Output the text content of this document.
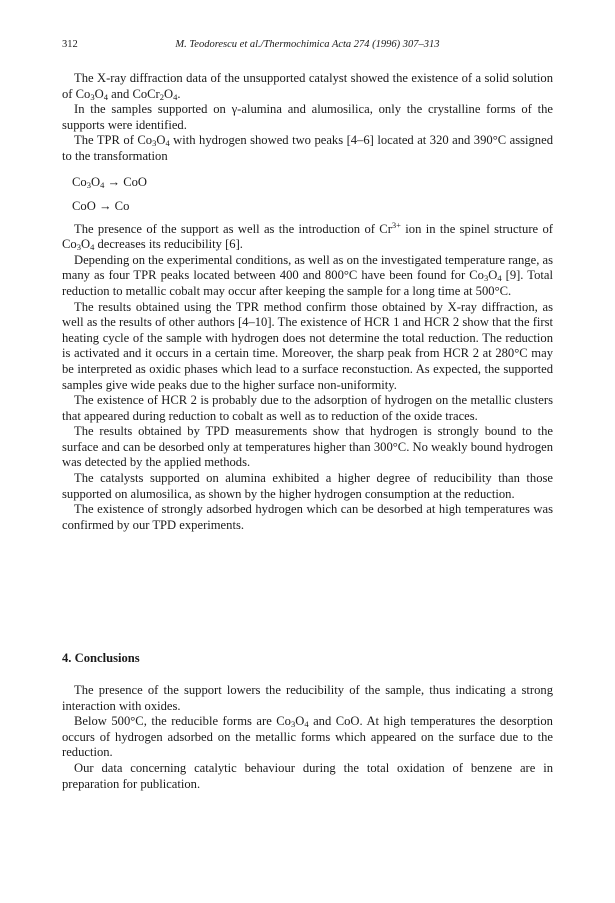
M. Teodorescu et al./Thermochimica Acta 274 (1996) 307–313
312

The X-ray diffraction data of the unsupported catalyst showed the existence of a solid solution of $Co_3O_4$ and $CoCr_2O_4$.

In the samples supported on γ-alumina and alumosilica, only the crystalline forms of the supports were identified.

The TPR of $Co_3O_4$ with hydrogen showed two peaks [4–6] located at 320 and 390°C assigned to the transformation

$Co_3O_4$ → CoO

CoO → Co

The presence of the support as well as the introduction of $Cr^{3+}$ ion in the spinel structure of $Co_3O_4$ decreases its reducibility [6].

Depending on the experimental conditions, as well as on the investigated temperature range, as many as four TPR peaks located between 400 and 800°C have been found for $Co_3O_4$ [9]. Total reduction to metallic cobalt may occur after keeping the sample for a long time at 500°C.

The results obtained using the TPR method confirm those obtained by X-ray diffraction, as well as the results of other authors [4–10]. The existence of HCR 1 and HCR 2 show that the first heating cycle of the sample with hydrogen does not determine the total reduction. The reduction is activated and it occurs in a certain time. Moreover, the sharp peak from HCR 2 at 280°C may be interpreted as oxidic phases which lead to a surface reconstuction. As expected, the supported samples give wide peaks due to the higher surface non-uniformity.

The existence of HCR 2 is probably due to the adsorption of hydrogen on the metallic clusters that appeared during reduction to cobalt as well as to reduction of the oxide traces.

The results obtained by TPD measurements show that hydrogen is strongly bound to the surface and can be desorbed only at temperatures higher than 300°C. No weakly bound hydrogen was detected by the applied methods.

The catalysts supported on alumina exhibited a higher degree of reducibility than those supported on alumosilica, as shown by the higher hydrogen consumption at the reduction.

The existence of strongly adsorbed hydrogen which can be desorbed at high temperatures was confirmed by our TPD experiments.

4. Conclusions

The presence of the support lowers the reducibility of the sample, thus indicating a strong interaction with oxides.

Below 500°C, the reducible forms are $Co_3O_4$ and CoO. At high temperatures the desorption occurs of hydrogen adsorbed on the metallic forms which appeared on the surface due to the reduction.

Our data concerning catalytic behaviour during the total oxidation of benzene are in preparation for publication.
